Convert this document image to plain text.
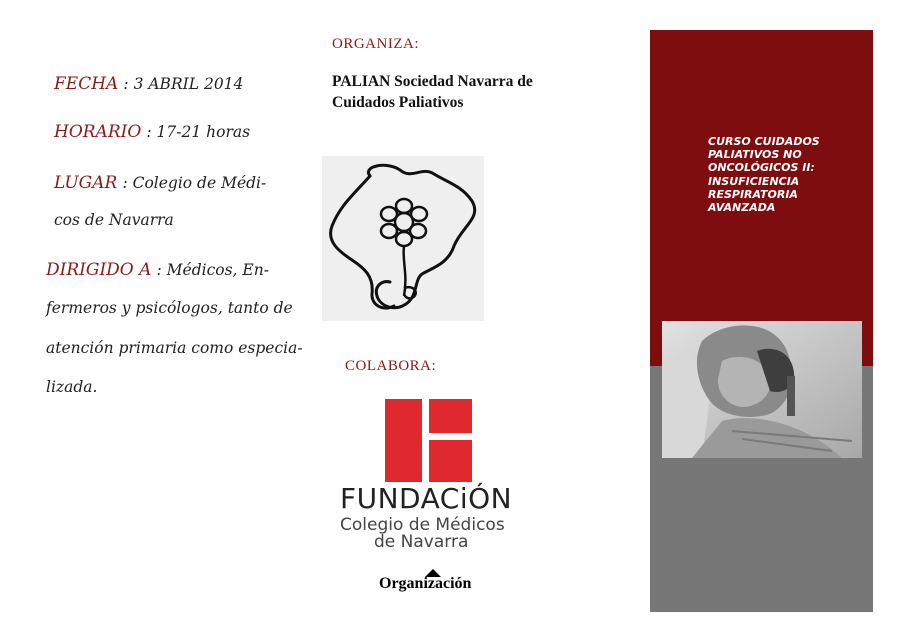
FECHA : 3 ABRIL 2014
HORARIO : 17-21 horas
LUGAR : Colegio de Médi-
cos de Navarra
DIRIGIDO A : Médicos, En-
fermeros y psicólogos, tanto de
atención primaria como especia-
lizada.
ORGANIZA:
PALIAN Sociedad Navarra de
Cuidados Paliativos
COLABORA:
FUNDACiÓN
Colegio de Médicos
de Navarra
Organización

CURSO CUIDADOS
PALIATIVOS NO
ONCOLÓGICOS II:
INSUFICIENCIA
RESPIRATORIA
AVANZADA
